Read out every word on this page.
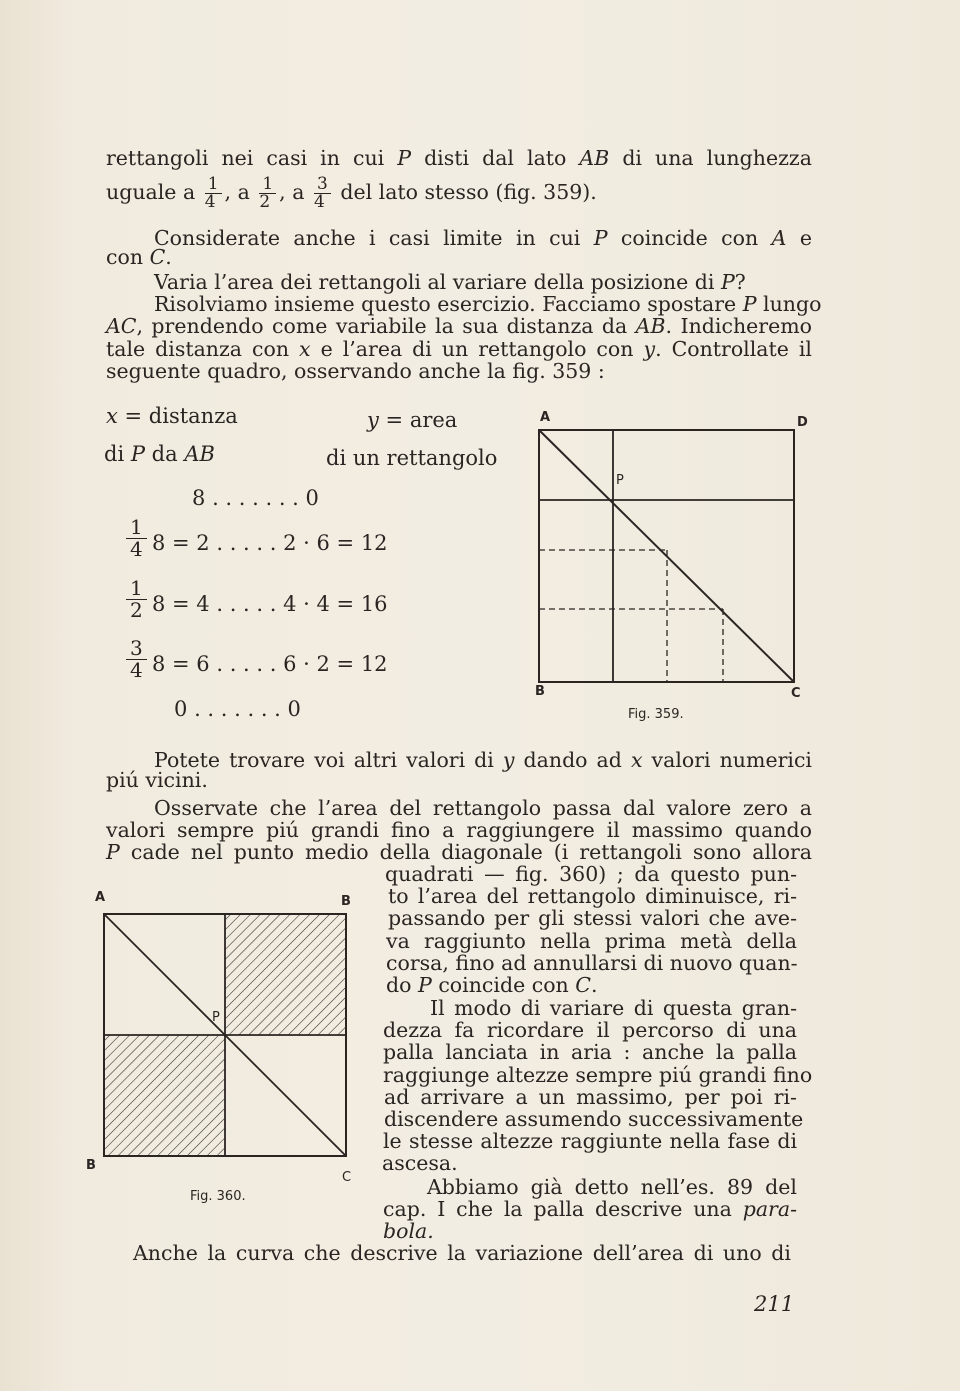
rettangoli nei casi in cui P disti dal lato AB di una lunghezza
uguale a $\frac{1}{4}$ , a $\frac{1}{2}$ , a $\frac{3}{4}$ del lato stesso (fig. 359).
Considerate anche i casi limite in cui P coincide con A e
con C.
Varia l’area dei rettangoli al variare della posizione di P?
Risolviamo insieme questo esercizio. Facciamo spostare P lungo
AC, prendendo come variabile la sua distanza da AB. Indicheremo
tale distanza con x e l’area di un rettangolo con y. Controllate il
seguente quadro, osservando anche la fig. 359 :
x = distanza
di P da AB
y = area
di un rettangolo
8 . . . . . . . 0
$\frac{1}{4} 8 = 2$ . . . . . 2 · 6 = 12
$\frac{1}{2} 8 = 4$ . . . . . 4 · 4 = 16
$\frac{3}{4} 8 = 6$ . . . . . 6 · 2 = 12
0 . . . . . . . 0
A	D
B	C
P
Fig. 359.
Potete trovare voi altri valori di y dando ad x valori numerici
piú vicini.
Osservate che l’area del rettangolo passa dal valore zero a
valori sempre piú grandi fino a raggiungere il massimo quando
P cade nel punto medio della diagonale (i rettangoli sono allora
quadrati — fig. 360) ; da questo pun-
to l’area del rettangolo diminuisce, ri-
passando per gli stessi valori che ave-
va raggiunto nella prima metà della
corsa, fino ad annullarsi di nuovo quan-
do P coincide con C.
Il modo di variare di questa gran-
dezza fa ricordare il percorso di una
palla lanciata in aria : anche la palla
raggiunge altezze sempre piú grandi fino
ad arrivare a un massimo, per poi ri-
discendere assumendo successivamente
le stesse altezze raggiunte nella fase di
ascesa.
Abbiamo già detto nell’es. 89 del
cap. I che la palla descrive una para-
bola.
A	B
B
C
P
Fig. 360.
Anche la curva che descrive la variazione dell’area di uno di
211
